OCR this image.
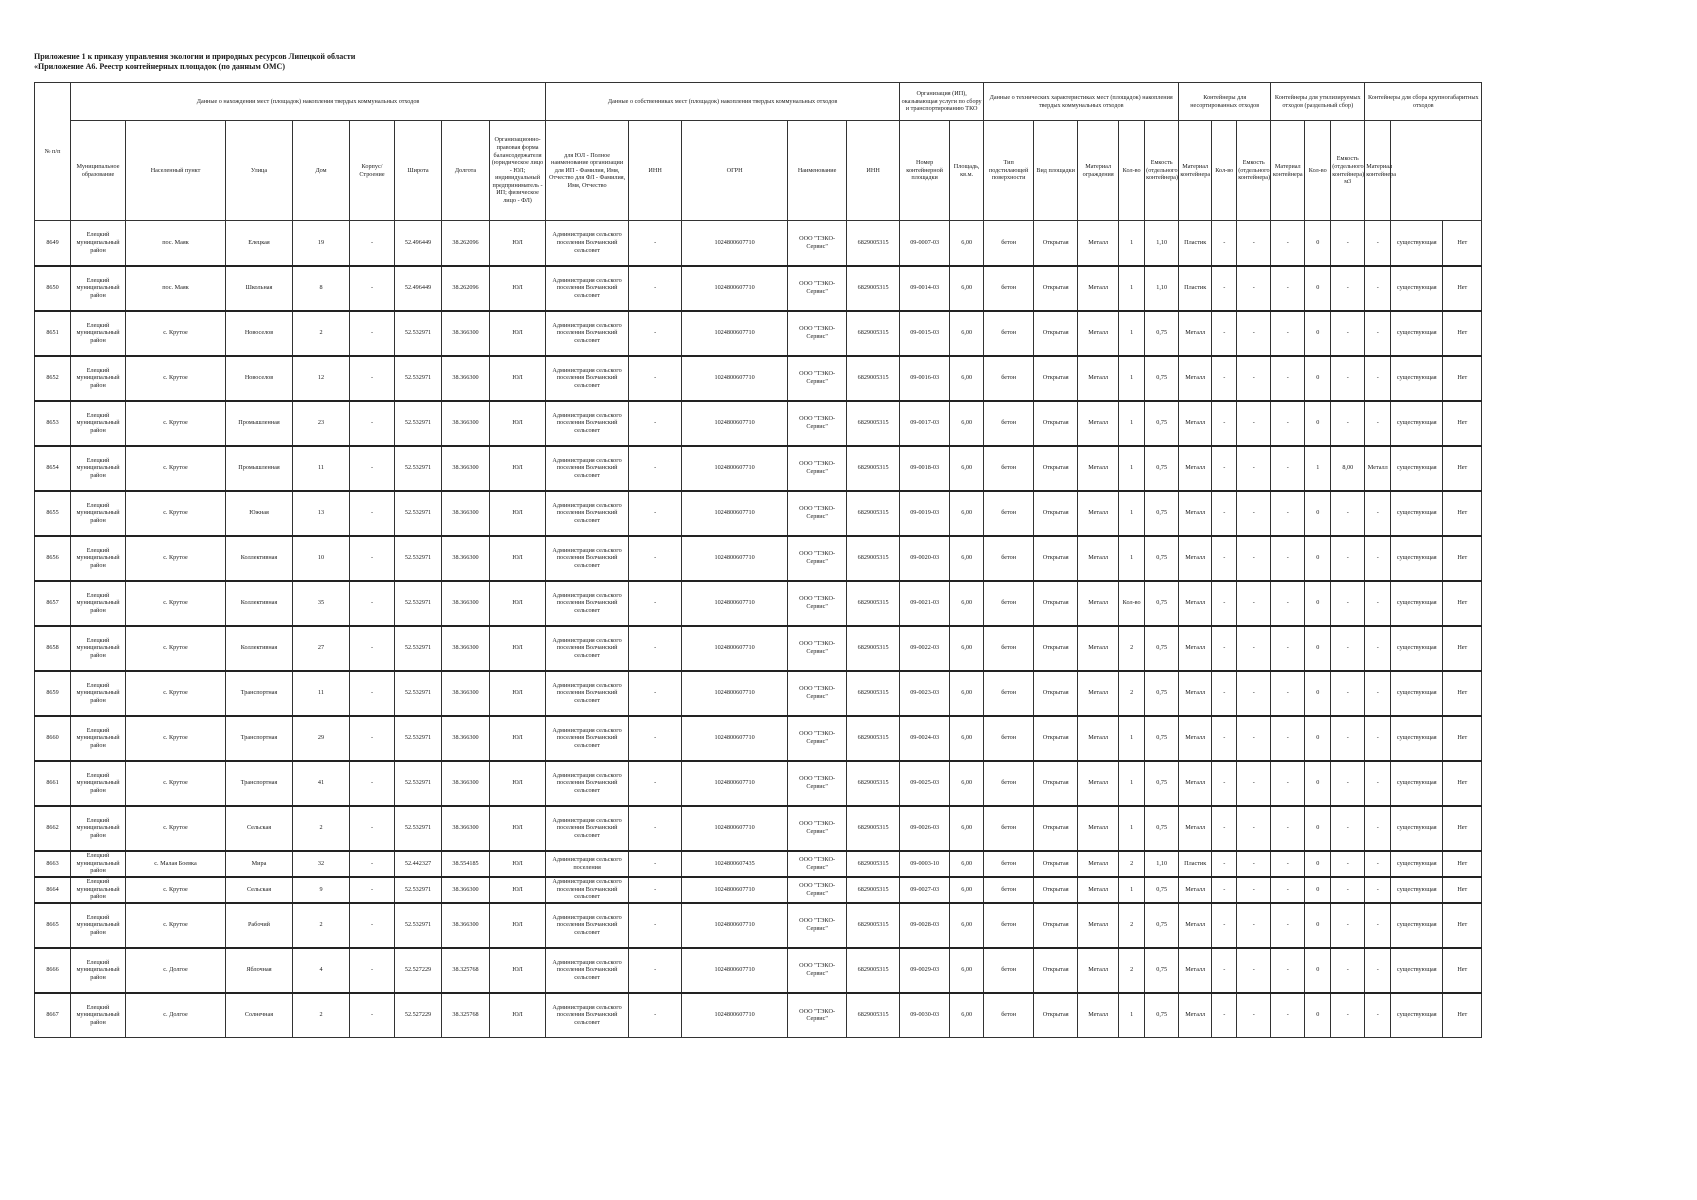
Приложение 1 к приказу управления экологии и природных ресурсов Липецкой области
«Приложение А6. Реестр контейнерных площадок (по данным ОМС)
№ п/п	Данные о нахождении мест (площадок) накопления твердых коммунальных отходов								Данные о собственниках мест (площадок) накопления твердых коммунальных отходов					Организация (ИП), оказывающая услуги по сбору и транспортированию ТКО		Данные о технических характеристиках мест (площадок) накопления твердых коммунальных отходов					Контейнеры для несортированных отходов			Контейнеры для утилизируемых отходов (раздельный сбор)			Контейнеры для сбора крупногабаритных отходов		
	Муниципальное образование	Населенный пункт	Улица	Дом	Корпус/Строение	Широта	Долгота	Организационно-правовая форма балансодержателя (юридическое лицо - ЮЛ; индивидуальный предприниматель - ИП; физическое лицо - ФЛ)	для ЮЛ - Полное наименование организации для ИП - Фамилия, Имя, Отчество для ФЛ - Фамилия, Имя, Отчество	ИНН	ОГРН	Наименование	ИНН	Номер контейнерной площадки	Площадь, кв.м.	Тип подстилающей поверхности	Вид площадки	Материал ограждения	Кол-во	Емкость (отдельного контейнера)	Материал контейнера	Кол-во	Емкость (отдельного контейнера)	Материал контейнера	Кол-во	Емкость (отдельного контейнера) м3	Материал контейнера			
8649	Елецкий муниципальный район	пос. Маяк	Елецкая	19	-	52.496449	38.262096	ЮЛ	Администрация сельского поселения Волчанский сельсовет	-	1024800607710	ООО "ТЭКО-Сервис"	6829005315	09-0007-03	6,00	бетон	Открытая	Металл	1	1,10	Пластик	-	-	-	0	-	-	существующая	Нет	
8650	Елецкий муниципальный район	пос. Маяк	Школьная	8	-	52.496449	38.262096	ЮЛ	Администрация сельского поселения Волчанский сельсовет	-	1024800607710	ООО "ТЭКО-Сервис"	6829005315	09-0014-03	6,00	бетон	Открытая	Металл	1	1,10	Пластик	-	-	-	0	-	-	существующая	Нет	
8651	Елецкий муниципальный район	с. Крутое	Новоселов	2	-	52.532971	38.366300	ЮЛ	Администрация сельского поселения Волчанский сельсовет	-	1024800607710	ООО "ТЭКО-Сервис"	6829005315	09-0015-03	6,00	бетон	Открытая	Металл	1	0,75	Металл	-	-	-	0	-	-	существующая	Нет	
8652	Елецкий муниципальный район	с. Крутое	Новоселов	12	-	52.532971	38.366300	ЮЛ	Администрация сельского поселения Волчанский сельсовет	-	1024800607710	ООО "ТЭКО-Сервис"	6829005315	09-0016-03	6,00	бетон	Открытая	Металл	1	0,75	Металл	-	-	-	0	-	-	существующая	Нет	
8653	Елецкий муниципальный район	с. Крутое	Промышленная	23	-	52.532971	38.366300	ЮЛ	Администрация сельского поселения Волчанский сельсовет	-	1024800607710	ООО "ТЭКО-Сервис"	6829005315	09-0017-03	6,00	бетон	Открытая	Металл	1	0,75	Металл	-	-	-	0	-	-	существующая	Нет	
8654	Елецкий муниципальный район	с. Крутое	Промышленная	11	-	52.532971	38.366300	ЮЛ	Администрация сельского поселения Волчанский сельсовет	-	1024800607710	ООО "ТЭКО-Сервис"	6829005315	09-0018-03	6,00	бетон	Открытая	Металл	1	0,75	Металл	-	-	-	1	8,00	Металл	существующая	Нет	
8655	Елецкий муниципальный район	с. Крутое	Южная	13	-	52.532971	38.366300	ЮЛ	Администрация сельского поселения Волчанский сельсовет	-	1024800607710	ООО "ТЭКО-Сервис"	6829005315	09-0019-03	6,00	бетон	Открытая	Металл	1	0,75	Металл	-	-	-	0	-	-	существующая	Нет	
8656	Елецкий муниципальный район	с. Крутое	Коллективная	10	-	52.532971	38.366300	ЮЛ	Администрация сельского поселения Волчанский сельсовет	-	1024800607710	ООО "ТЭКО-Сервис"	6829005315	09-0020-03	6,00	бетон	Открытая	Металл	1	0,75	Металл	-	-	-	0	-	-	существующая	Нет	
8657	Елецкий муниципальный район	с. Крутое	Коллективная	35	-	52.532971	38.366300	ЮЛ	Администрация сельского поселения Волчанский сельсовет	-	1024800607710	ООО "ТЭКО-Сервис"	6829005315	09-0021-03	6,00	бетон	Открытая	Металл	Кол-во	0,75	Металл	-	-	-	0	-	-	существующая	Нет	
8658	Елецкий муниципальный район	с. Крутое	Коллективная	27	-	52.532971	38.366300	ЮЛ	Администрация сельского поселения Волчанский сельсовет	-	1024800607710	ООО "ТЭКО-Сервис"	6829005315	09-0022-03	6,00	бетон	Открытая	Металл	2	0,75	Металл	-	-	-	0	-	-	существующая	Нет	
8659	Елецкий муниципальный район	с. Крутое	Транспортная	11	-	52.532971	38.366300	ЮЛ	Администрация сельского поселения Волчанский сельсовет	-	1024800607710	ООО "ТЭКО-Сервис"	6829005315	09-0023-03	6,00	бетон	Открытая	Металл	2	0,75	Металл	-	-	-	0	-	-	существующая	Нет	
8660	Елецкий муниципальный район	с. Крутое	Транспортная	29	-	52.532971	38.366300	ЮЛ	Администрация сельского поселения Волчанский сельсовет	-	1024800607710	ООО "ТЭКО-Сервис"	6829005315	09-0024-03	6,00	бетон	Открытая	Металл	1	0,75	Металл	-	-	-	0	-	-	существующая	Нет	
8661	Елецкий муниципальный район	с. Крутое	Транспортная	41	-	52.532971	38.366300	ЮЛ	Администрация сельского поселения Волчанский сельсовет	-	1024800607710	ООО "ТЭКО-Сервис"	6829005315	09-0025-03	6,00	бетон	Открытая	Металл	1	0,75	Металл	-	-	-	0	-	-	существующая	Нет	
8662	Елецкий муниципальный район	с. Крутое	Сельская	2	-	52.532971	38.366300	ЮЛ	Администрация сельского поселения Волчанский сельсовет	-	1024800607710	ООО "ТЭКО-Сервис"	6829005315	09-0026-03	6,00	бетон	Открытая	Металл	1	0,75	Металл	-	-	-	0	-	-	существующая	Нет	
8663	Елецкий муниципальный район	с. Малая Боевка	Мира	32	-	52.442327	38.554185	ЮЛ	Администрация сельского поселения	-	1024800607435	ООО "ТЭКО-Сервис"	6829005315	09-0003-10	6,00	бетон	Открытая	Металл	2	1,10	Пластик	-	-	-	0	-	-	существующая	Нет	
8664	Елецкий муниципальный район	с. Крутое	Сельская	9	-	52.532971	38.366300	ЮЛ	Администрация сельского поселения Волчанский сельсовет	-	1024800607710	ООО "ТЭКО-Сервис"	6829005315	09-0027-03	6,00	бетон	Открытая	Металл	1	0,75	Металл	-	-	-	0	-	-	существующая	Нет	
8665	Елецкий муниципальный район	с. Крутое	Рабочий	2	-	52.532971	38.366300	ЮЛ	Администрация сельского поселения Волчанский сельсовет	-	1024800607710	ООО "ТЭКО-Сервис"	6829005315	09-0028-03	6,00	бетон	Открытая	Металл	2	0,75	Металл	-	-	-	0	-	-	существующая	Нет	
8666	Елецкий муниципальный район	с. Долгое	Яблочная	4	-	52.527229	38.325768	ЮЛ	Администрация сельского поселения Волчанский сельсовет	-	1024800607710	ООО "ТЭКО-Сервис"	6829005315	09-0029-03	6,00	бетон	Открытая	Металл	2	0,75	Металл	-	-	-	0	-	-	существующая	Нет	
8667	Елецкий муниципальный район	с. Долгое	Солнечная	2	-	52.527229	38.325768	ЮЛ	Администрация сельского поселения Волчанский сельсовет	-	1024800607710	ООО "ТЭКО-Сервис"	6829005315	09-0030-03	6,00	бетон	Открытая	Металл	1	0,75	Металл	-	-	-	0	-	-	существующая	Нет	
